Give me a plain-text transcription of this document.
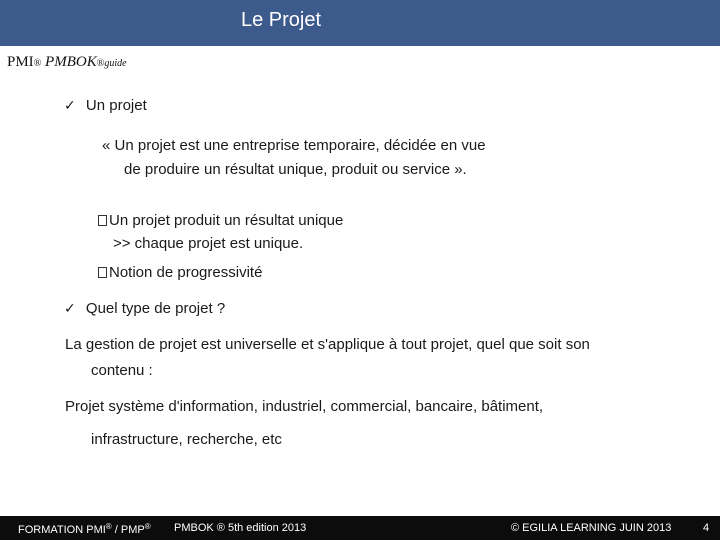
Le Projet
PMI® PMBOK®guide
✓ Un projet
« Un projet est une entreprise temporaire, décidée en vue
de produire un résultat unique, produit ou service ».
Un projet produit un résultat unique
>> chaque projet est unique.
Notion de progressivité
✓ Quel type de projet ?
La gestion de projet est universelle et s'applique à tout projet, quel que soit son
contenu :
Projet système d'information, industriel, commercial, bancaire, bâtiment,
infrastructure, recherche, etc
FORMATION PMI® / PMP® PMBOK ® 5th edition 2013	© EGILIA LEARNING JUIN 2013	4
